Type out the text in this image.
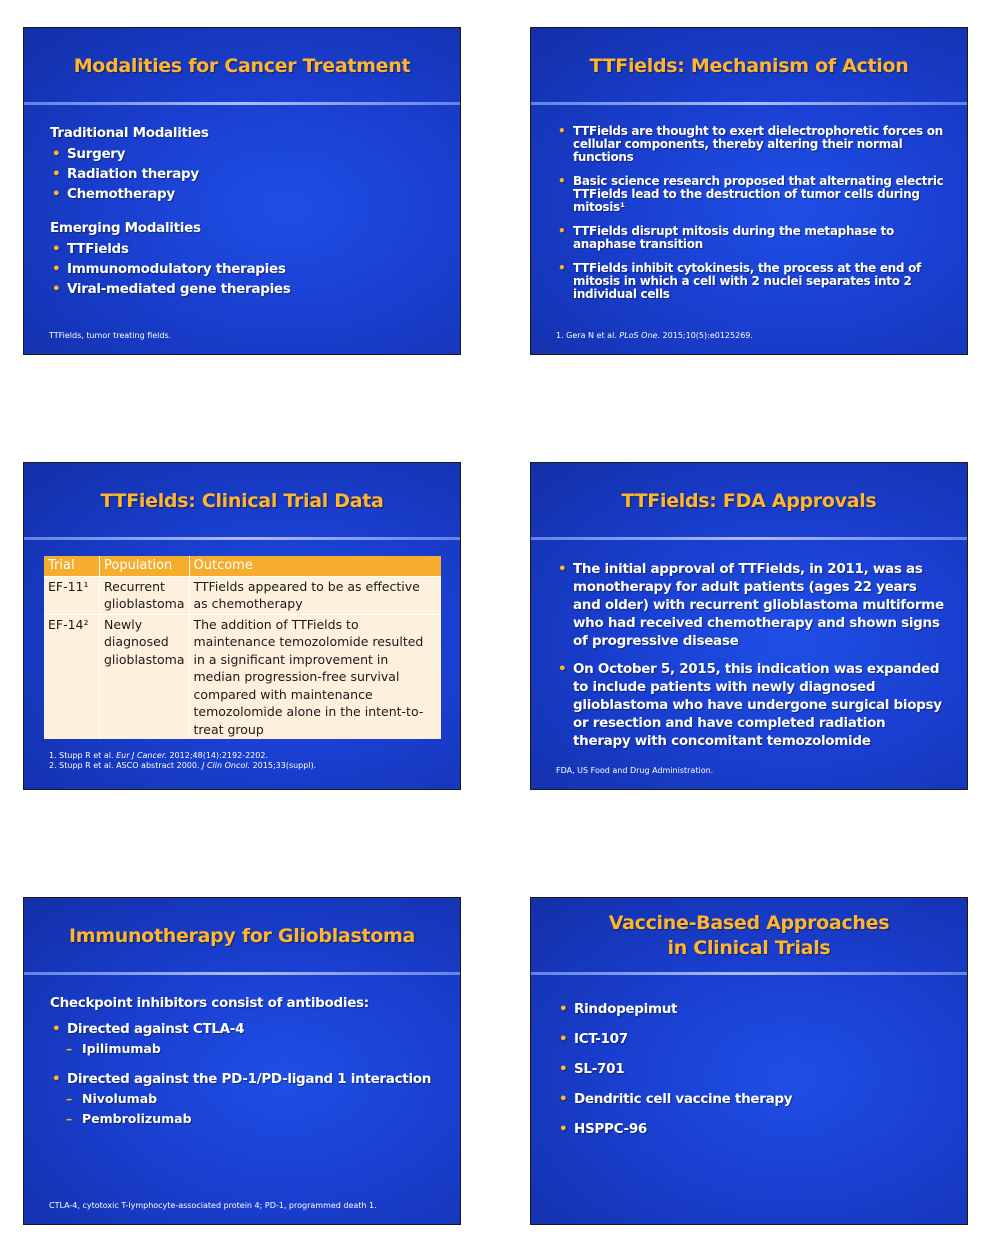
Modalities for Cancer Treatment
Traditional Modalities
• Surgery
• Radiation therapy
• Chemotherapy
Emerging Modalities
• TTFields
• Immunomodulatory therapies
• Viral-mediated gene therapies
TTFields, tumor treating fields.
TTFields: Mechanism of Action
• TTFields are thought to exert dielectrophoretic forces on cellular components, thereby altering their normal functions
• Basic science research proposed that alternating electric TTFields lead to the destruction of tumor cells during mitosis¹
• TTFields disrupt mitosis during the metaphase to anaphase transition
• TTFields inhibit cytokinesis, the process at the end of mitosis in which a cell with 2 nuclei separates into 2 individual cells
1. Gera N et al. PLoS One. 2015;10(5):e0125269.
TTFields: Clinical Trial Data
Trial	Population	Outcome
EF-11¹	Recurrent glioblastoma	TTFields appeared to be as effective as chemotherapy
EF-14²	Newly diagnosed glioblastoma	The addition of TTFields to maintenance temozolomide resulted in a significant improvement in median progression-free survival compared with maintenance temozolomide alone in the intent-to-treat group
1. Stupp R et al. Eur J Cancer. 2012;48(14):2192-2202.
2. Stupp R et al. ASCO abstract 2000. J Clin Oncol. 2015;33(suppl).
TTFields: FDA Approvals
• The initial approval of TTFields, in 2011, was as monotherapy for adult patients (ages 22 years and older) with recurrent glioblastoma multiforme who had received chemotherapy and shown signs of progressive disease
• On October 5, 2015, this indication was expanded to include patients with newly diagnosed glioblastoma who have undergone surgical biopsy or resection and have completed radiation therapy with concomitant temozolomide
FDA, US Food and Drug Administration.
Immunotherapy for Glioblastoma
Checkpoint inhibitors consist of antibodies:
• Directed against CTLA-4
– Ipilimumab
• Directed against the PD-1/PD-ligand 1 interaction
– Nivolumab
– Pembrolizumab
CTLA-4, cytotoxic T-lymphocyte-associated protein 4; PD-1, programmed death 1.
Vaccine-Based Approaches
in Clinical Trials
• Rindopepimut
• ICT-107
• SL-701
• Dendritic cell vaccine therapy
• HSPPC-96
